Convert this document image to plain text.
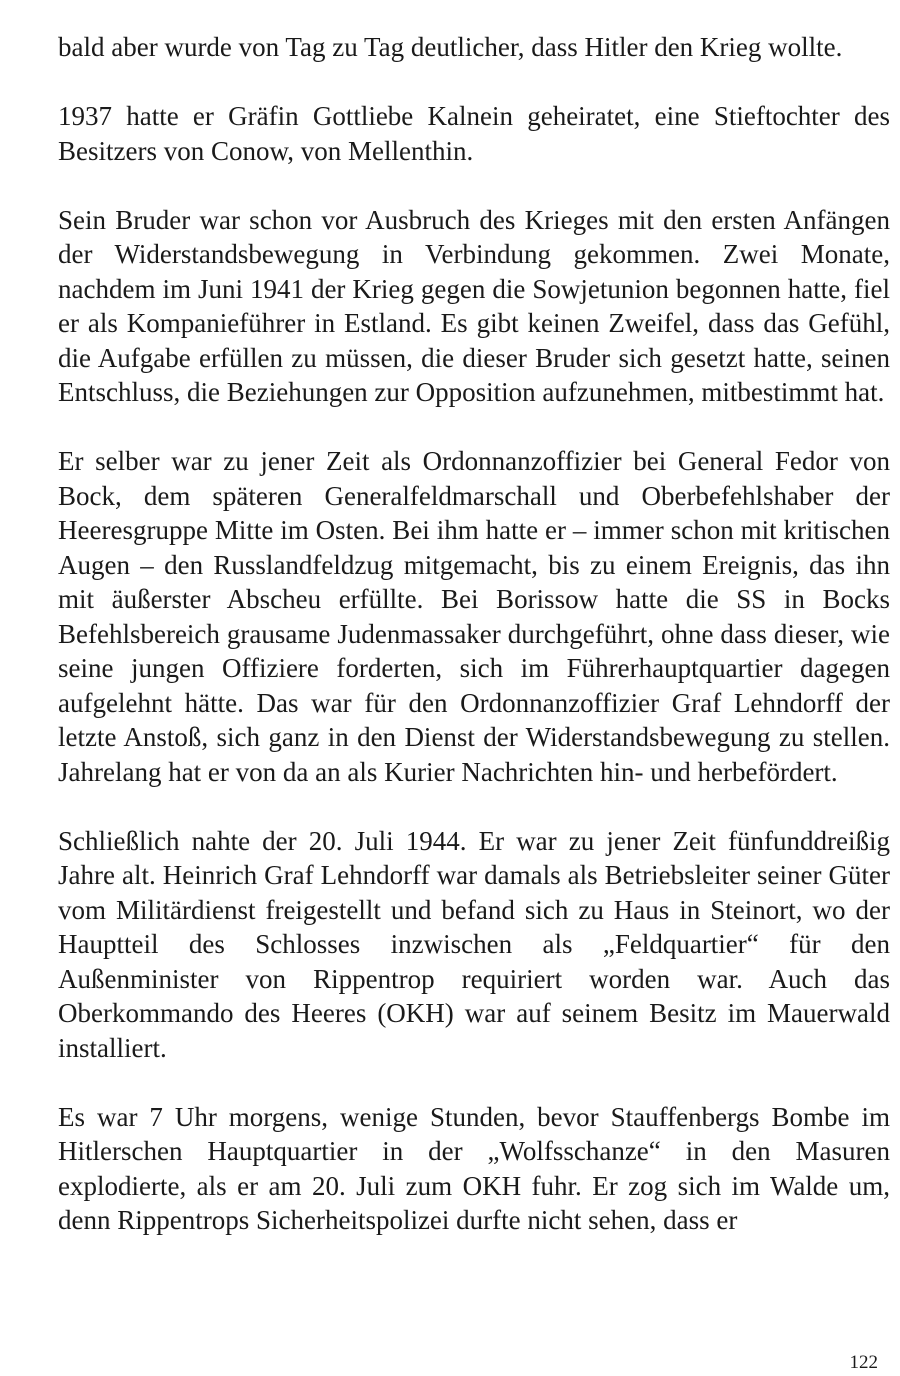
bald aber wurde von Tag zu Tag deutlicher, dass Hitler den Krieg wollte.

1937 hatte er Gräfin Gottliebe Kalnein geheiratet, eine Stieftochter des Besitzers von Conow, von Mellenthin.

Sein Bruder war schon vor Ausbruch des Krieges mit den ersten Anfängen der Widerstandsbewegung in Verbindung gekommen. Zwei Monate, nachdem im Juni 1941 der Krieg gegen die Sowjetunion begonnen hatte, fiel er als Kompanieführer in Estland. Es gibt keinen Zweifel, dass das Gefühl, die Aufgabe erfüllen zu müssen, die dieser Bruder sich gesetzt hatte, seinen Entschluss, die Beziehungen zur Opposition aufzunehmen, mitbestimmt hat.

Er selber war zu jener Zeit als Ordonnanzoffizier bei General Fedor von Bock, dem späteren Generalfeldmarschall und Oberbefehlshaber der Heeresgruppe Mitte im Osten. Bei ihm hatte er – immer schon mit kritischen Augen – den Russlandfeldzug mitgemacht, bis zu einem Ereignis, das ihn mit äußerster Abscheu erfüllte. Bei Borissow hatte die SS in Bocks Befehlsbereich grausame Judenmassaker durchgeführt, ohne dass dieser, wie seine jungen Offiziere forderten, sich im Führerhauptquartier dagegen aufgelehnt hätte. Das war für den Ordonnanzoffizier Graf Lehndorff der letzte Anstoß, sich ganz in den Dienst der Widerstandsbewegung zu stellen. Jahrelang hat er von da an als Kurier Nachrichten hin- und herbefördert.

Schließlich nahte der 20. Juli 1944. Er war zu jener Zeit fünfunddreißig Jahre alt. Heinrich Graf Lehndorff war damals als Betriebsleiter seiner Güter vom Militärdienst freigestellt und befand sich zu Haus in Steinort, wo der Hauptteil des Schlosses inzwischen als „Feldquartier“ für den Außenminister von Rippentrop requiriert worden war. Auch das Oberkommando des Heeres (OKH) war auf seinem Besitz im Mauerwald installiert.

Es war 7 Uhr morgens, wenige Stunden, bevor Stauffenbergs Bombe im Hitlerschen Hauptquartier in der „Wolfsschanze“ in den Masuren explodierte, als er am 20. Juli zum OKH fuhr. Er zog sich im Walde um, denn Rippentrops Sicherheitspolizei durfte nicht sehen, dass er

122
